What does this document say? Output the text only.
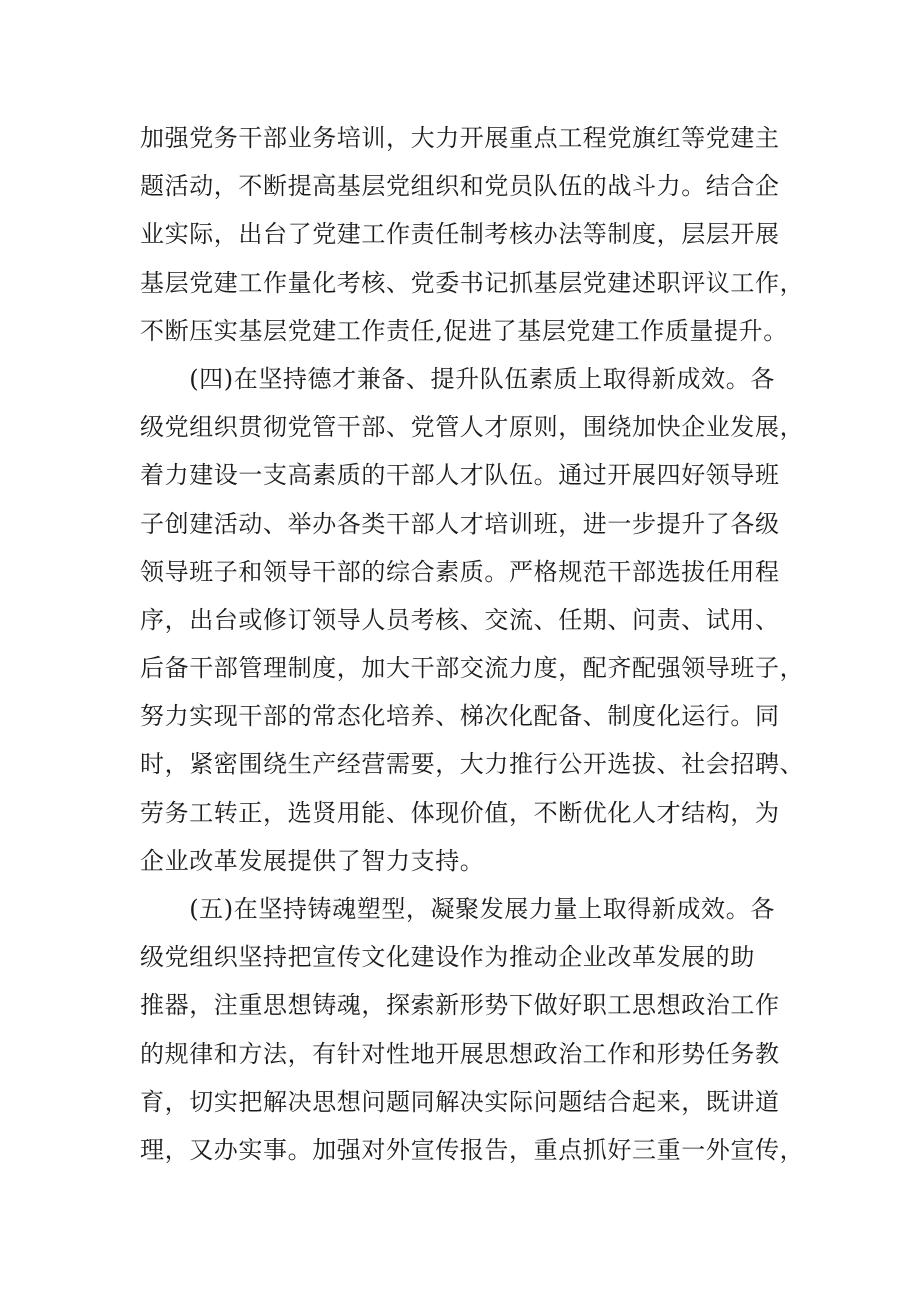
加强党务干部业务培训，大力开展重点工程党旗红等党建主
题活动，不断提高基层党组织和党员队伍的战斗力。结合企
业实际，出台了党建工作责任制考核办法等制度，层层开展
基层党建工作量化考核、党委书记抓基层党建述职评议工作，
不断压实基层党建工作责任,促进了基层党建工作质量提升。
　　(四)在坚持德才兼备、提升队伍素质上取得新成效。各
级党组织贯彻党管干部、党管人才原则，围绕加快企业发展，
着力建设一支高素质的干部人才队伍。通过开展四好领导班
子创建活动、举办各类干部人才培训班，进一步提升了各级
领导班子和领导干部的综合素质。严格规范干部选拔任用程
序，出台或修订领导人员考核、交流、任期、问责、试用、
后备干部管理制度，加大干部交流力度，配齐配强领导班子，
努力实现干部的常态化培养、梯次化配备、制度化运行。同
时，紧密围绕生产经营需要，大力推行公开选拔、社会招聘、
劳务工转正，选贤用能、体现价值，不断优化人才结构，为
企业改革发展提供了智力支持。
　　(五)在坚持铸魂塑型，凝聚发展力量上取得新成效。各
级党组织坚持把宣传文化建设作为推动企业改革发展的助
推器，注重思想铸魂，探索新形势下做好职工思想政治工作
的规律和方法，有针对性地开展思想政治工作和形势任务教
育，切实把解决思想问题同解决实际问题结合起来，既讲道
理，又办实事。加强对外宣传报告，重点抓好三重一外宣传，
